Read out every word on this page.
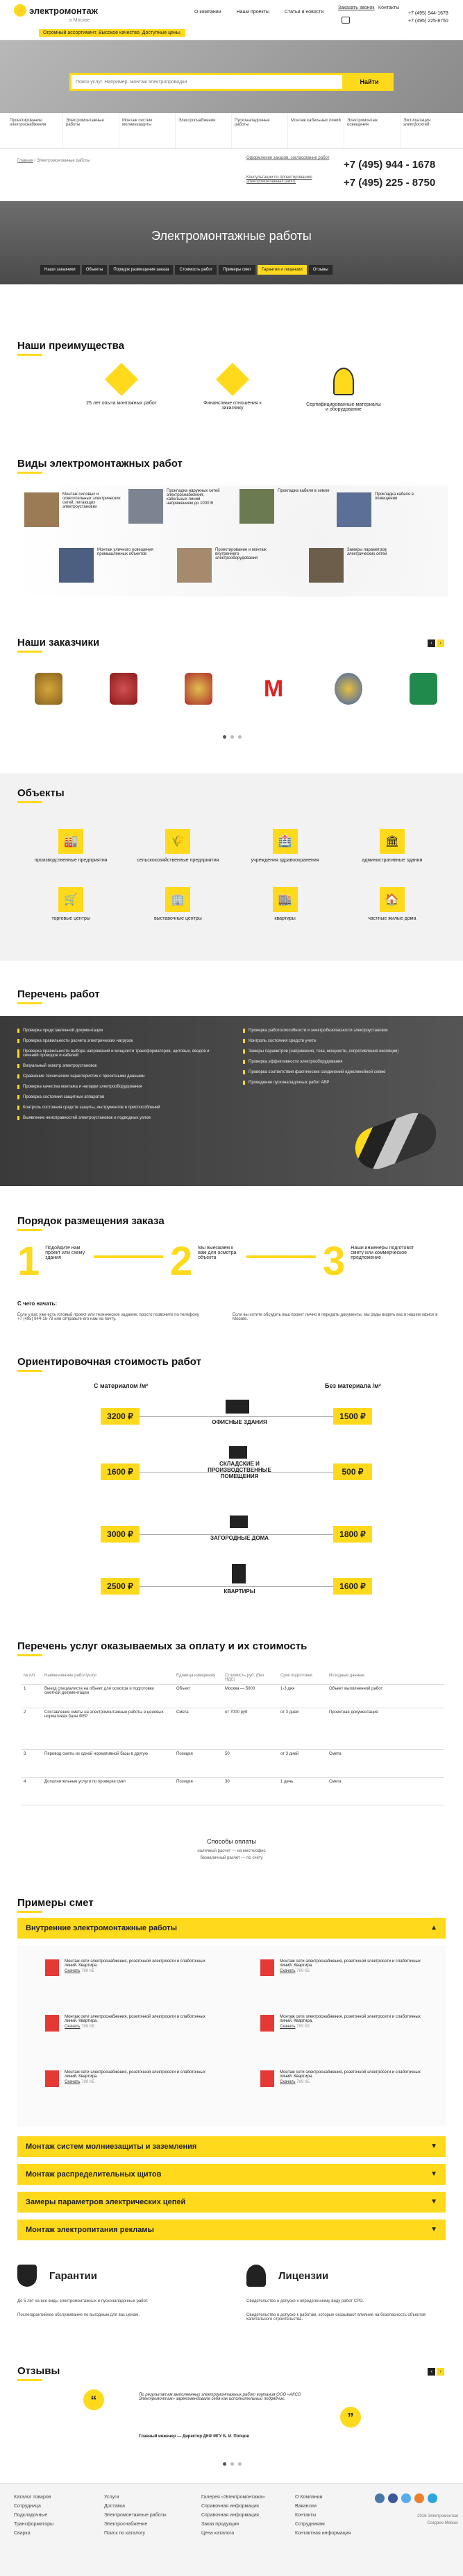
⚡ электромонтаж
в Москве
О компании	Наши проекты	Статьи и новости
Огромный ассортимент. Высокое качество. Доступные цены.
Заказать звонок Контакты
+7 (495) 944-1678
+7 (495) 225-8750
Поиск услуг. Например: монтаж электропроводки
Найти
Проектирование электроснабжения
Электромонтажные работы
Монтаж систем молниезащиты
Электроснабжение	Пусконаладочные работы
Монтаж кабельных линий	Электромонтаж освещения
Эксплуатация электросетей
Главная / Электромонтажные работы
Оформление заказов, согласование работ
+7 (495) 944 - 1678
Консультации по проектированию электромонтажных работ	+7 (495) 225 - 8750
Электромонтажные работы
Наши заказчики	Объекты	Порядок размещения заказа	Стоимость работ	Примеры смет	Гарантии и лицензии	Отзывы
Наши преимущества
25 лет опыта монтажных работ	Финансовые отношения к заказчику
Сертифицированные материалы и оборудование
Виды электромонтажных работ
Монтаж силовых и осветительных электрических сетей, питающих электроустановки
Прокладка наружных сетей электроснабжения, кабельных линий напряжением до 1000 В
Прокладка кабеля в земле
Прокладка кабеля в помещении
Монтаж уличного освещения промышленных объектов
Проектирование и монтаж внутреннего электрооборудования
Замеры параметров электрических сетей
Наши заказчики	‹	›
M
Объекты
🏭
производственные предприятия
🌾
сельскохозяйственные предприятия
🏥
учреждения здравоохранения
🏛
административные здания
🛒
торговые центры
🏢
выставочные центры
🏬
квартиры
🏠
частные жилые дома
Перечень работ
Проверка представленной документации
Проверка правильности расчета электрических нагрузок
Проверка правильности выбора напряжений и мощности трансформаторов, щитовых, вводов и сечений проводов и кабелей
Визуальный осмотр электроустановок
Сравнение технических характеристик с проектными данными
Проверка качества монтажа и наладки электрооборудования
Проверка состояния защитных аппаратов
Контроль состояния средств защиты, инструментов и приспособлений
Выявление неисправностей электроустановок и подводных узлов
Проверка работоспособности и электробезопасности электроустановок
Контроль состояния средств учета
Замеры параметров (напряжения, тока, мощности, сопротивления изоляции)
Проверка эффективности электрооборудования
Проверка соответствия фактических соединений однолинейной схеме
Проведение пусконаладочных работ АВР
Порядок размещения заказа
1 Подойдите нам проект или схему здания	2 Мы выезжаем к вам для осмотра объекта	3 Наши инженеры подготовят смету или коммерческое предложение
С чего начать:
Если у вас уже есть готовый проект или техническое задание, просто позвоните по телефону +7 (495) 944-16-78 или отправьте его нам на почту.
Если вы хотите обсудить ваш проект лично и передать документы, мы рады видеть вас в нашем офисе в Москве.
Ориентировочная стоимость работ
С материалом /м²	Без материала /м²
3200 ₽	1500 ₽
ОФИСНЫЕ ЗДАНИЯ
1600 ₽	500 ₽
СКЛАДСКИЕ И ПРОИЗВОДСТВЕННЫЕ ПОМЕЩЕНИЯ
3000 ₽	1800 ₽
ЗАГОРОДНЫЕ ДОМА
2500 ₽	1600 ₽
КВАРТИРЫ
Перечень услуг оказываемых за оплату и их стоимость
№ п/п	Наименование работ/услуг	Единица измерения	Стоимость руб. (без НДС)	Срок подготовки	Исходные данные
1	Выезд специалиста на объект для осмотра и подготовки сметной документации	Объект	Москва — 5000	1-3 дня	Объект выполненной работ
2	Составление сметы на электромонтажные работы в ценовых нормативах базы ФЕР	Смета	от 7000 руб	от 3 дней	Проектная документация
3	Перевод сметы из одной нормативной базы в другую	Позиция	50	от 3 дней	Смета
4	Дополнительные услуги по проверке смет	Позиция	30	1 день	Смета
Способы оплаты
наличный расчет — на месте/офис
безналичный расчет — по счету
Примеры смет
Внутренние электромонтажные работы	▲
Монтаж сети электроснабжения, розеточной электросети и слаботочных линий. Квартира.
Скачать 789 КБ
Монтаж сети электроснабжения, розеточной электросети и слаботочных линий. Квартира.
Скачать 789 КБ
Монтаж сети электроснабжения, розеточной электросети и слаботочных линий. Квартира.
Скачать 789 КБ
Монтаж сети электроснабжения, розеточной электросети и слаботочных линий. Квартира.
Скачать 789 КБ
Монтаж сети электроснабжения, розеточной электросети и слаботочных линий. Квартира.
Скачать 789 КБ
Монтаж сети электроснабжения, розеточной электросети и слаботочных линий. Квартира.
Скачать 789 КБ
Монтаж систем молниезащиты и заземления	▼
Монтаж распределительных щитов	▼
Замеры параметров электрических цепей	▼
Монтаж электропитания рекламы	▼
Гарантии
До 5 лет на все виды электромонтажных и пусконаладочных работ.
Послегарантийное обслуживание по выгодным для вас ценам.
Лицензии
Свидетельство о допуске к определенному виду работ СРО.
Свидетельство о допуске к работам, которые оказывают влияние на безопасность объектов капитального строительства.
Отзывы	‹	›
“	По результатам выполненных электромонтажных работ компания ООО «АКСО Электромонтаж» зарекомендовала себя как исполнительный подрядчик.
Главный инженер — Директор ДКФ МГУ Б. И. Попцов
”
Каталог товаров
Сотрудница
Подкладочные
Трансформаторы
Сварка
Услуги
Доставка
Электромонтажные работы
Электроснабжение
Поиск по каталогу
Галерея «Электромонтажа»
Справочная информация
Справочная информация
Заказ продукции
Цена каталога
О Компании
Вакансии
Контакты
Сотрудникам
Контактная информация
2016 Электромонтаж
Создано Mebius
